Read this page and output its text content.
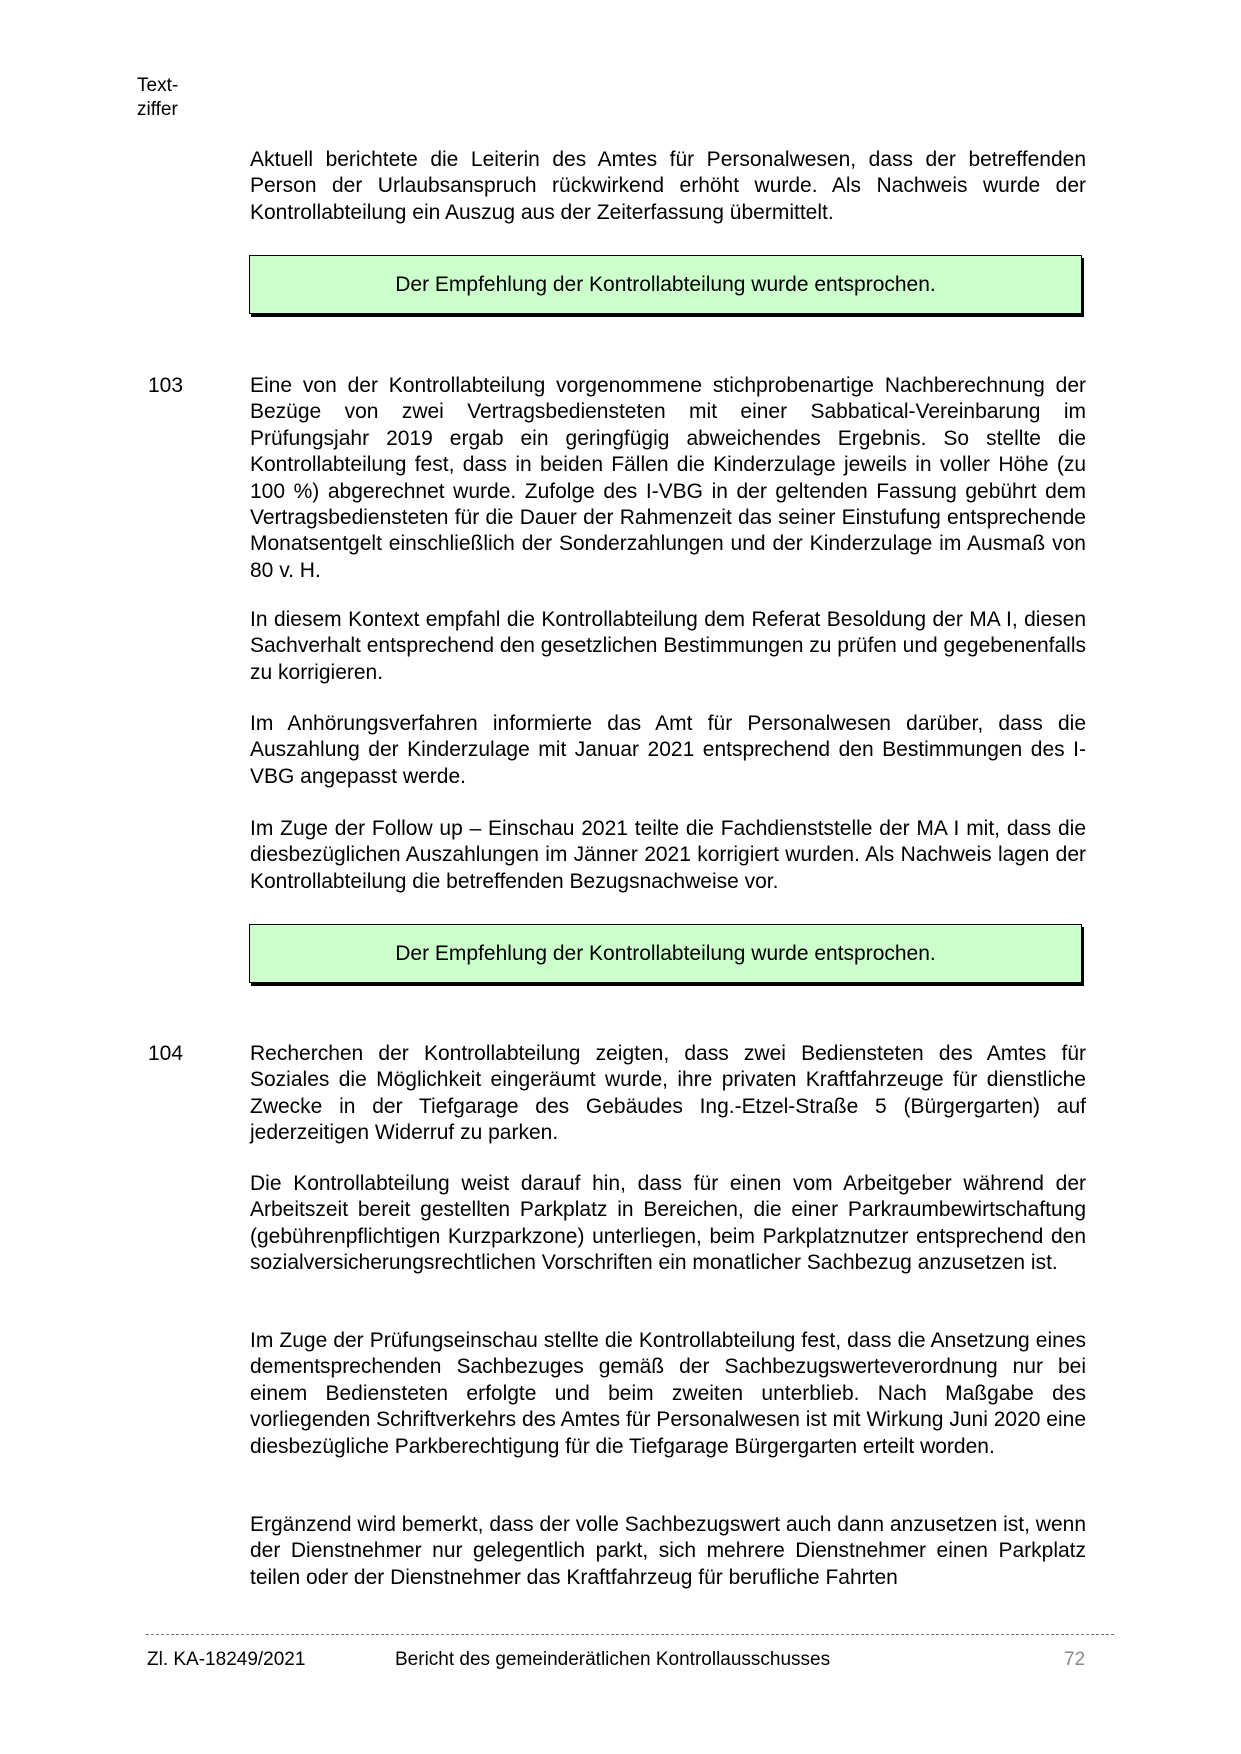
Text-
ziffer

Aktuell berichtete die Leiterin des Amtes für Personalwesen, dass der betreffenden Person der Urlaubsanspruch rückwirkend erhöht wurde. Als Nachweis wurde der Kontrollabteilung ein Auszug aus der Zeiterfassung übermittelt.

Der Empfehlung der Kontrollabteilung wurde entsprochen.
103	Eine von der Kontrollabteilung vorgenommene stichprobenartige Nachberechnung der Bezüge von zwei Vertragsbediensteten mit einer Sabbatical-Vereinbarung im Prüfungsjahr 2019 ergab ein geringfügig abweichendes Ergebnis. So stellte die Kontrollabteilung fest, dass in beiden Fällen die Kinderzulage jeweils in voller Höhe (zu 100 %) abgerechnet wurde. Zufolge des I-VBG in der geltenden Fassung gebührt dem Vertragsbediensteten für die Dauer der Rahmenzeit das seiner Einstufung entsprechende Monatsentgelt einschließlich der Sonderzahlungen und der Kinderzulage im Ausmaß von 80 v. H.

In diesem Kontext empfahl die Kontrollabteilung dem Referat Besoldung der MA I, diesen Sachverhalt entsprechend den gesetzlichen Bestimmungen zu prüfen und gegebenenfalls zu korrigieren.

Im Anhörungsverfahren informierte das Amt für Personalwesen darüber, dass die Auszahlung der Kinderzulage mit Januar 2021 entsprechend den Bestimmungen des I-VBG angepasst werde.

Im Zuge der Follow up – Einschau 2021 teilte die Fachdienststelle der MA I mit, dass die diesbezüglichen Auszahlungen im Jänner 2021 korrigiert wurden. Als Nachweis lagen der Kontrollabteilung die betreffenden Bezugsnachweise vor.

Der Empfehlung der Kontrollabteilung wurde entsprochen.
104	Recherchen der Kontrollabteilung zeigten, dass zwei Bediensteten des Amtes für Soziales die Möglichkeit eingeräumt wurde, ihre privaten Kraftfahrzeuge für dienstliche Zwecke in der Tiefgarage des Gebäudes Ing.-Etzel-Straße 5 (Bürgergarten) auf jederzeitigen Widerruf zu parken.

Die Kontrollabteilung weist darauf hin, dass für einen vom Arbeitgeber während der Arbeitszeit bereit gestellten Parkplatz in Bereichen, die einer Parkraumbewirtschaftung (gebührenpflichtigen Kurzparkzone) unterliegen, beim Parkplatznutzer entsprechend den sozialversicherungsrechtlichen Vorschriften ein monatlicher Sachbezug anzusetzen ist.

Im Zuge der Prüfungseinschau stellte die Kontrollabteilung fest, dass die Ansetzung eines dementsprechenden Sachbezuges gemäß der Sachbezugswerteverordnung nur bei einem Bediensteten erfolgte und beim zweiten unterblieb. Nach Maßgabe des vorliegenden Schriftverkehrs des Amtes für Personalwesen ist mit Wirkung Juni 2020 eine diesbezügliche Parkberechtigung für die Tiefgarage Bürgergarten erteilt worden.

Ergänzend wird bemerkt, dass der volle Sachbezugswert auch dann anzusetzen ist, wenn der Dienstnehmer nur gelegentlich parkt, sich mehrere Dienstnehmer einen Parkplatz teilen oder der Dienstnehmer das Kraftfahrzeug für berufliche Fahrten

Zl. KA-18249/2021	Bericht des gemeinderätlichen Kontrollausschusses	72
